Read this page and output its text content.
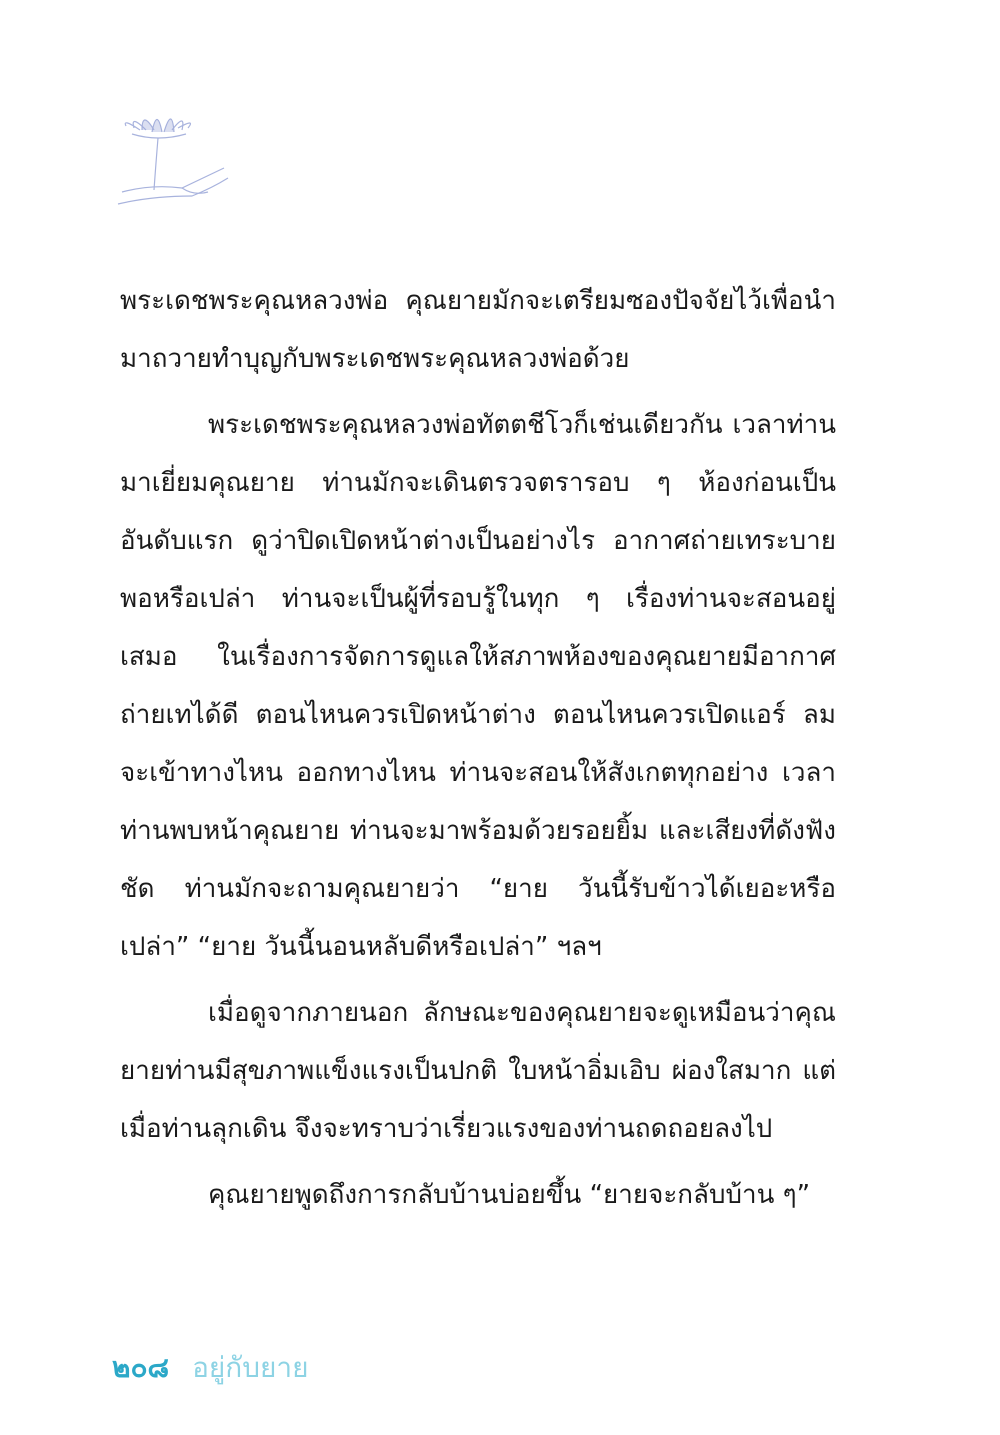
พระเดชพระคุณหลวงพ่อ คุณยายมักจะเตรียมซองปัจจัยไว้เพื่อนำมาถวายทำบุญกับพระเดชพระคุณหลวงพ่อด้วย

พระเดชพระคุณหลวงพ่อทัตตชีโวก็เช่นเดียวกัน เวลาท่านมาเยี่ยมคุณยาย ท่านมักจะเดินตรวจตรารอบ ๆ ห้องก่อนเป็นอันดับแรก ดูว่าปิดเปิดหน้าต่างเป็นอย่างไร อากาศถ่ายเทระบายพอหรือเปล่า ท่านจะเป็นผู้ที่รอบรู้ในทุก ๆ เรื่องท่านจะสอนอยู่เสมอ ในเรื่องการจัดการดูแลให้สภาพห้องของคุณยายมีอากาศถ่ายเทได้ดี ตอนไหนควรเปิดหน้าต่าง ตอนไหนควรเปิดแอร์ ลมจะเข้าทางไหน ออกทางไหน ท่านจะสอนให้สังเกตทุกอย่าง เวลาท่านพบหน้าคุณยาย ท่านจะมาพร้อมด้วยรอยยิ้ม และเสียงที่ดังฟังชัด ท่านมักจะถามคุณยายว่า “ยาย วันนี้รับข้าวได้เยอะหรือเปล่า” “ยาย วันนี้นอนหลับดีหรือเปล่า” ฯลฯ

เมื่อดูจากภายนอก ลักษณะของคุณยายจะดูเหมือนว่าคุณยายท่านมีสุขภาพแข็งแรงเป็นปกติ ใบหน้าอิ่มเอิบ ผ่องใสมาก แต่เมื่อท่านลุกเดิน จึงจะทราบว่าเรี่ยวแรงของท่านถดถอยลงไป

คุณยายพูดถึงการกลับบ้านบ่อยขึ้น “ยายจะกลับบ้าน ๆ”

๒๐๘ อยู่กับยาย
